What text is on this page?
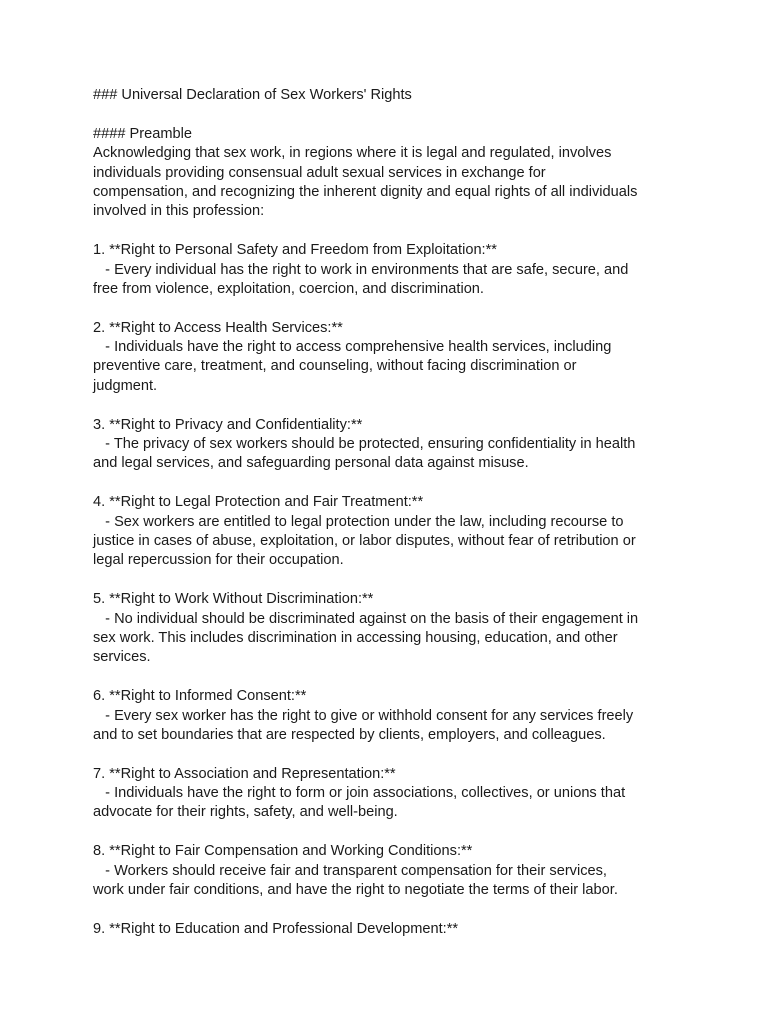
### Universal Declaration of Sex Workers' Rights

#### Preamble

Acknowledging that sex work, in regions where it is legal and regulated, involves

individuals providing consensual adult sexual services in exchange for

compensation, and recognizing the inherent dignity and equal rights of all individuals

involved in this profession:

1. **Right to Personal Safety and Freedom from Exploitation:**

- Every individual has the right to work in environments that are safe, secure, and

free from violence, exploitation, coercion, and discrimination.

2. **Right to Access Health Services:**

- Individuals have the right to access comprehensive health services, including

preventive care, treatment, and counseling, without facing discrimination or

judgment.

3. **Right to Privacy and Confidentiality:**

- The privacy of sex workers should be protected, ensuring confidentiality in health

and legal services, and safeguarding personal data against misuse.

4. **Right to Legal Protection and Fair Treatment:**

- Sex workers are entitled to legal protection under the law, including recourse to

justice in cases of abuse, exploitation, or labor disputes, without fear of retribution or

legal repercussion for their occupation.

5. **Right to Work Without Discrimination:**

- No individual should be discriminated against on the basis of their engagement in

sex work. This includes discrimination in accessing housing, education, and other

services.

6. **Right to Informed Consent:**

- Every sex worker has the right to give or withhold consent for any services freely

and to set boundaries that are respected by clients, employers, and colleagues.

7. **Right to Association and Representation:**

- Individuals have the right to form or join associations, collectives, or unions that

advocate for their rights, safety, and well-being.

8. **Right to Fair Compensation and Working Conditions:**

- Workers should receive fair and transparent compensation for their services,

work under fair conditions, and have the right to negotiate the terms of their labor.

9. **Right to Education and Professional Development:**
